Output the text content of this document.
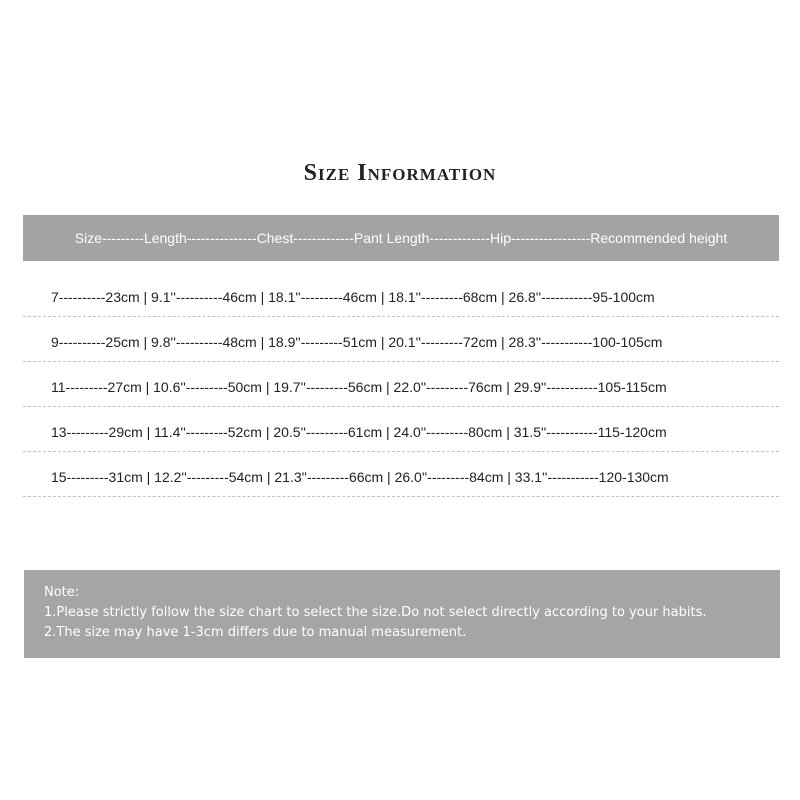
Size Information
Size---------Length---------------Chest-------------Pant Length-------------Hip-----------------Recommended height
7----------23cm | 9.1''----------46cm | 18.1''---------46cm | 18.1''---------68cm | 26.8''-----------95-100cm
9----------25cm | 9.8''----------48cm | 18.9''---------51cm | 20.1''---------72cm | 28.3''-----------100-105cm
11---------27cm | 10.6''---------50cm | 19.7''---------56cm | 22.0''---------76cm | 29.9''-----------105-115cm
13---------29cm | 11.4''---------52cm | 20.5''---------61cm | 24.0''---------80cm | 31.5''-----------115-120cm
15---------31cm | 12.2''---------54cm | 21.3''---------66cm | 26.0''---------84cm | 33.1''-----------120-130cm
Note:
1.Please strictly follow the size chart to select the size.Do not select directly according to your habits.
2.The size may have 1-3cm differs due to manual measurement.
